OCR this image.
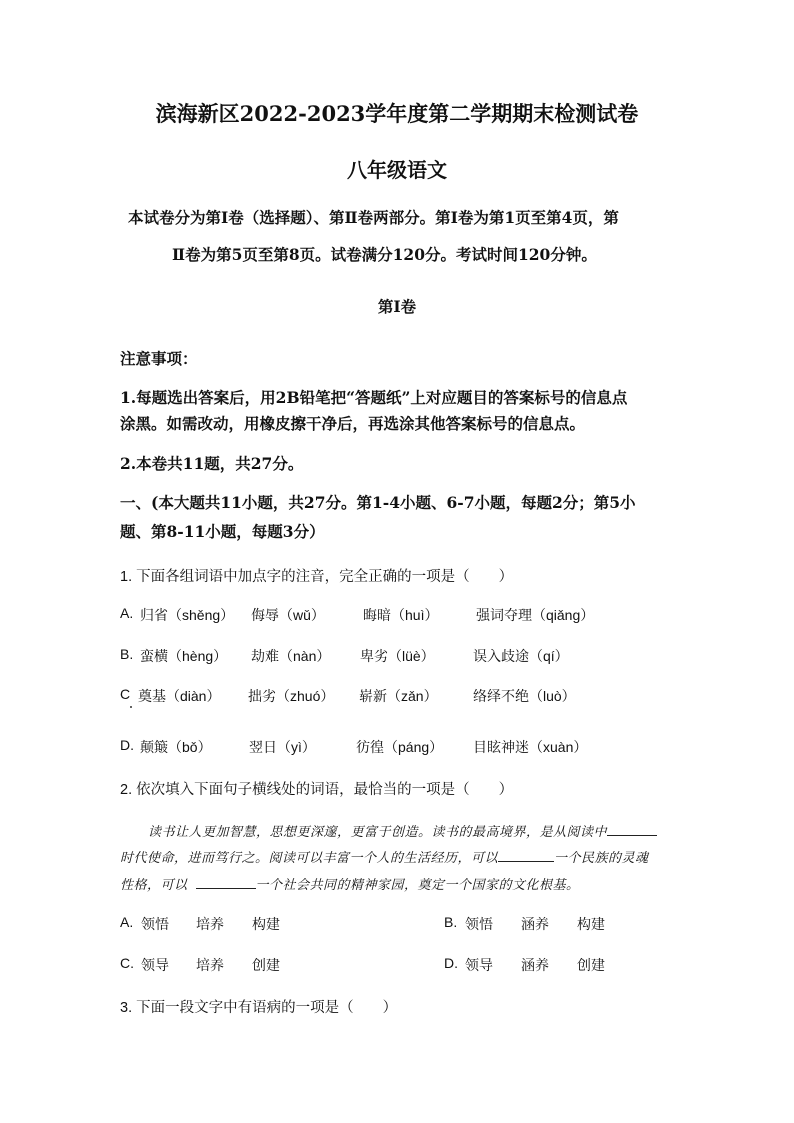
滨海新区2022-2023学年度第二学期期末检测试卷
八年级语文
本试卷分为第Ⅰ卷（选择题）、第Ⅱ卷两部分。第Ⅰ卷为第1页至第4页，第
Ⅱ卷为第5页至第8页。试卷满分120分。考试时间120分钟。
第Ⅰ卷
注意事项：
1.每题选出答案后，用2B铅笔把“答题纸”上对应题目的答案标号的信息点
涂黑。如需改动，用橡皮擦干净后，再选涂其他答案标号的信息点。
2.本卷共11题，共27分。
一、(本大题共11小题，共27分。第1-4小题、6-7小题，每题2分；第5小
题、第8-11小题，每题3分）
1. 下面各组词语中加点字的注音，完全正确的一项是（　　）
A. 归省（shěng） 侮辱（wǔ）	晦暗（huì）	强词夺理（qiǎng）
B. 蛮横（hèng） 劫难（nàn） 卑劣（lüè）	误入歧途（qí）
C 奠基（diàn） 拙劣（zhuó） 崭新（zǎn）	络绎不绝（luò）
D. 颠簸（bǒ）	翌日（yì）	彷徨（páng） 目眩神迷（xuàn）
2. 依次填入下面句子横线处的词语，最恰当的一项是（　　）
读书让人更加智慧，思想更深邃，更富于创造。读书的最高境界，是从阅读中
时代使命，进而笃行之。阅读可以丰富一个人的生活经历，可以	一个民族的灵魂
性格，可以	一个社会共同的精神家园，奠定一个国家的文化根基。
A. 领悟 培养 构建	B. 领悟 涵养 构建
C. 领导 培养 创建	D. 领导 涵养 创建
3. 下面一段文字中有语病的一项是（　　）
